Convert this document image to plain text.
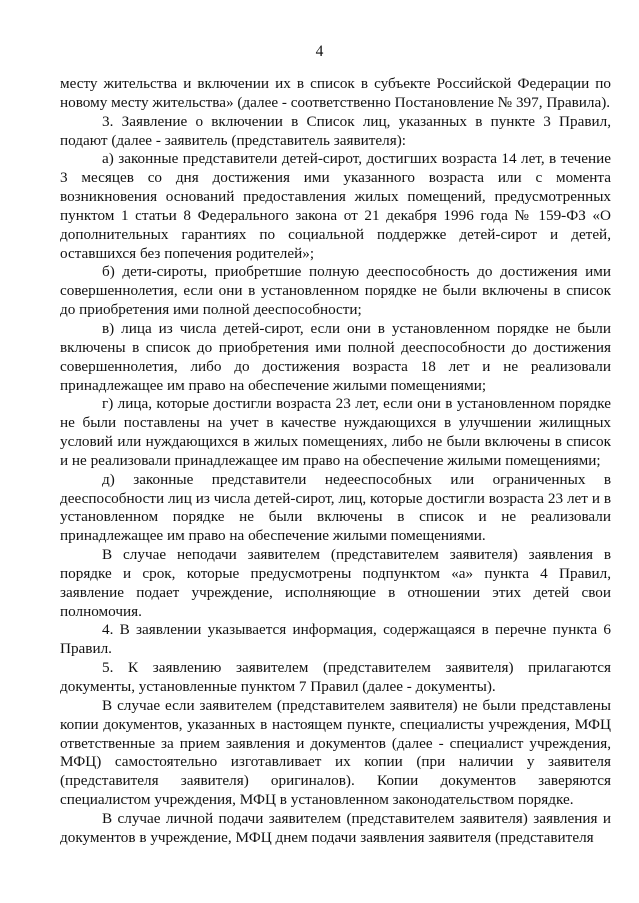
4

месту жительства и включении их в список в субъекте Российской Федерации по новому месту жительства» (далее - соответственно Постановление № 397, Правила).

3. Заявление о включении в Список лиц, указанных в пункте 3 Правил, подают (далее - заявитель (представитель заявителя):

а) законные представители детей-сирот, достигших возраста 14 лет, в течение 3 месяцев со дня достижения ими указанного возраста или с момента возникновения оснований предоставления жилых помещений, предусмотренных пунктом 1 статьи 8 Федерального закона от 21 декабря 1996 года № 159-ФЗ «О дополнительных гарантиях по социальной поддержке детей-сирот и детей, оставшихся без попечения родителей»;

б) дети-сироты, приобретшие полную дееспособность до достижения ими совершеннолетия, если они в установленном порядке не были включены в список до приобретения ими полной дееспособности;

в) лица из числа детей-сирот, если они в установленном порядке не были включены в список до приобретения ими полной дееспособности до достижения совершеннолетия, либо до достижения возраста 18 лет и не реализовали принадлежащее им право на обеспечение жилыми помещениями;

г) лица, которые достигли возраста 23 лет, если они в установленном порядке не были поставлены на учет в качестве нуждающихся в улучшении жилищных условий или нуждающихся в жилых помещениях, либо не были включены в список и не реализовали принадлежащее им право на обеспечение жилыми помещениями;

д) законные представители недееспособных или ограниченных в дееспособности лиц из числа детей-сирот, лиц, которые достигли возраста 23 лет и в установленном порядке не были включены в список и не реализовали принадлежащее им право на обеспечение жилыми помещениями.

В случае неподачи заявителем (представителем заявителя) заявления в порядке и срок, которые предусмотрены подпунктом «а» пункта 4 Правил, заявление подает учреждение, исполняющие в отношении этих детей свои полномочия.

4. В заявлении указывается информация, содержащаяся в перечне пункта 6 Правил.

5. К заявлению заявителем (представителем заявителя) прилагаются документы, установленные пунктом 7 Правил (далее - документы).

В случае если заявителем (представителем заявителя) не были представлены копии документов, указанных в настоящем пункте, специалисты учреждения, МФЦ ответственные за прием заявления и документов (далее - специалист учреждения, МФЦ) самостоятельно изготавливает их копии (при наличии у заявителя (представителя заявителя) оригиналов). Копии документов заверяются специалистом учреждения, МФЦ в установленном законодательством порядке.

В случае личной подачи заявителем (представителем заявителя) заявления и документов в учреждение, МФЦ днем подачи заявления заявителя (представителя
